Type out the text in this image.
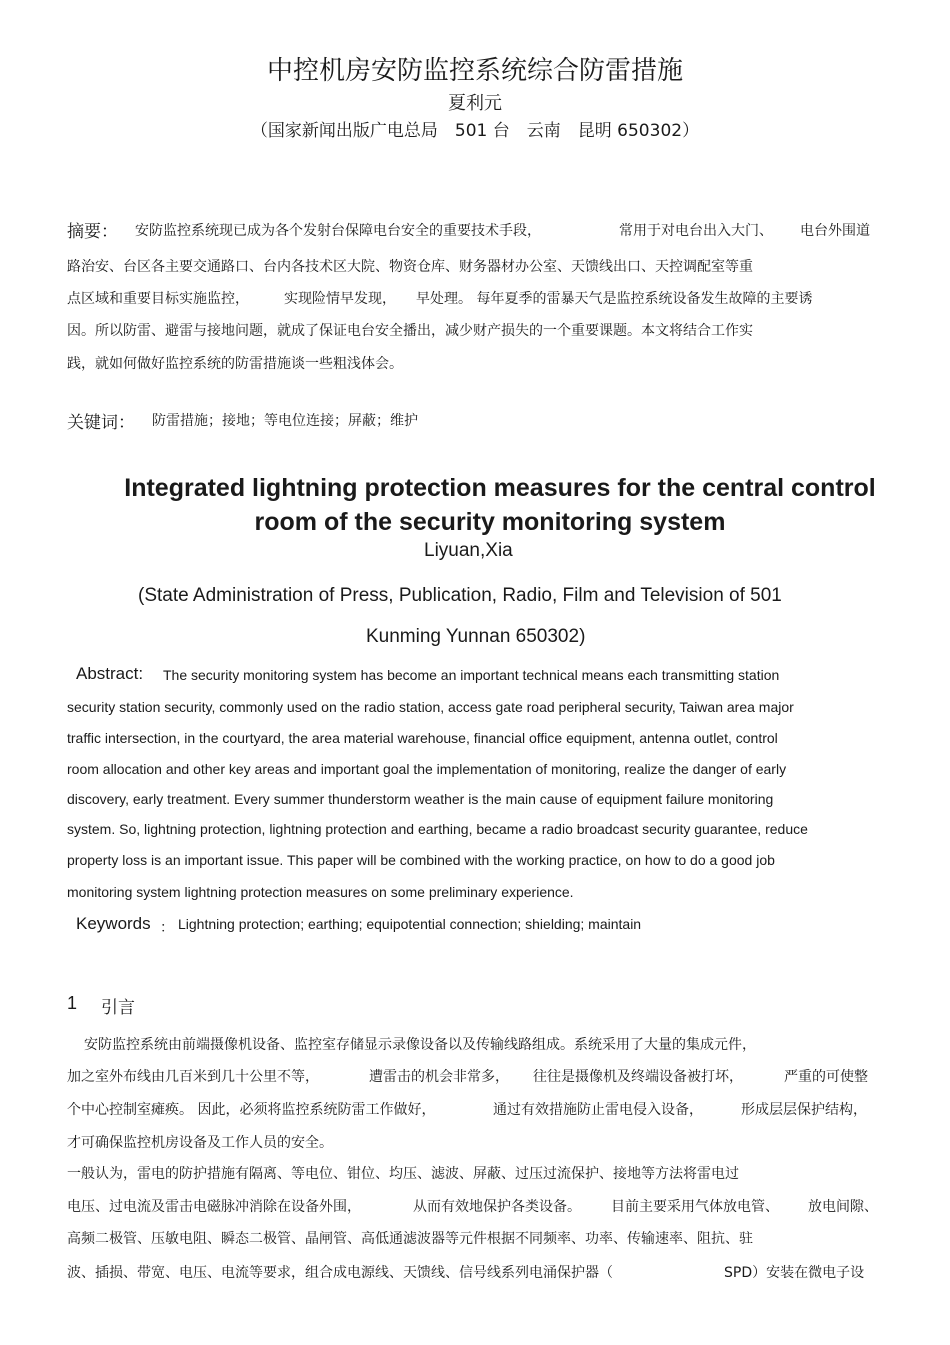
中控机房安防监控系统综合防雷措施
夏利元
（国家新闻出版广电总局　501 台　云南　昆明 650302）
摘要： 安防监控系统现已成为各个发射台保障电台安全的重要技术手段，	常用于对电台出入大门、 电台外围道
路治安、台区各主要交通路口、台内各技术区大院、物资仓库、财务器材办公室、天馈线出口、天控调配室等重
点区域和重要目标实施监控，	实现险情早发现， 早处理。 每年夏季的雷暴天气是监控系统设备发生故障的主要诱
因。所以防雷、避雷与接地问题，就成了保证电台安全播出，减少财产损失的一个重要课题。本文将结合工作实
践，就如何做好监控系统的防雷措施谈一些粗浅体会。
关键词： 防雷措施；接地；等电位连接；屏蔽；维护
Integrated lightning protection measures for the central control
room of the security monitoring system
Liyuan,Xia
(State Administration of Press, Publication, Radio, Film and Television of 501
Kunming Yunnan 650302)
Abstract: The security monitoring system has become an important technical means each transmitting station
security station security, commonly used on the radio station, access gate road peripheral security, Taiwan area major
traffic intersection, in the courtyard, the area material warehouse, financial office equipment, antenna outlet, control
room allocation and other key areas and important goal the implementation of monitoring, realize the danger of early
discovery, early treatment. Every summer thunderstorm weather is the main cause of equipment failure monitoring
system. So, lightning protection, lightning protection and earthing, became a radio broadcast security guarantee, reduce
property loss is an important issue. This paper will be combined with the working practice, on how to do a good job
monitoring system lightning protection measures on some preliminary experience.
Keywords ： Lightning protection; earthing; equipotential connection; shielding; maintain
1 引言
安防监控系统由前端摄像机设备、监控室存储显示录像设备以及传输线路组成。系统采用了大量的集成元件，
加之室外布线由几百米到几十公里不等，	遭雷击的机会非常多， 往往是摄像机及终端设备被打坏，	严重的可使整
个中心控制室瘫痪。 因此，必须将监控系统防雷工作做好，	通过有效措施防止雷电侵入设备，	形成层层保护结构，
才可确保监控机房设备及工作人员的安全。
一般认为，雷电的防护措施有隔离、等电位、钳位、均压、滤波、屏蔽、过压过流保护、接地等方法将雷电过
电压、过电流及雷击电磁脉冲消除在设备外围，	从而有效地保护各类设备。 目前主要采用气体放电管、 放电间隙、
高频二极管、压敏电阻、瞬态二极管、晶闸管、高低通滤波器等元件根据不同频率、功率、传输速率、阻抗、驻
波、插损、带宽、电压、电流等要求，组合成电源线、天馈线、信号线系列电涌保护器（	SPD）安装在微电子设
